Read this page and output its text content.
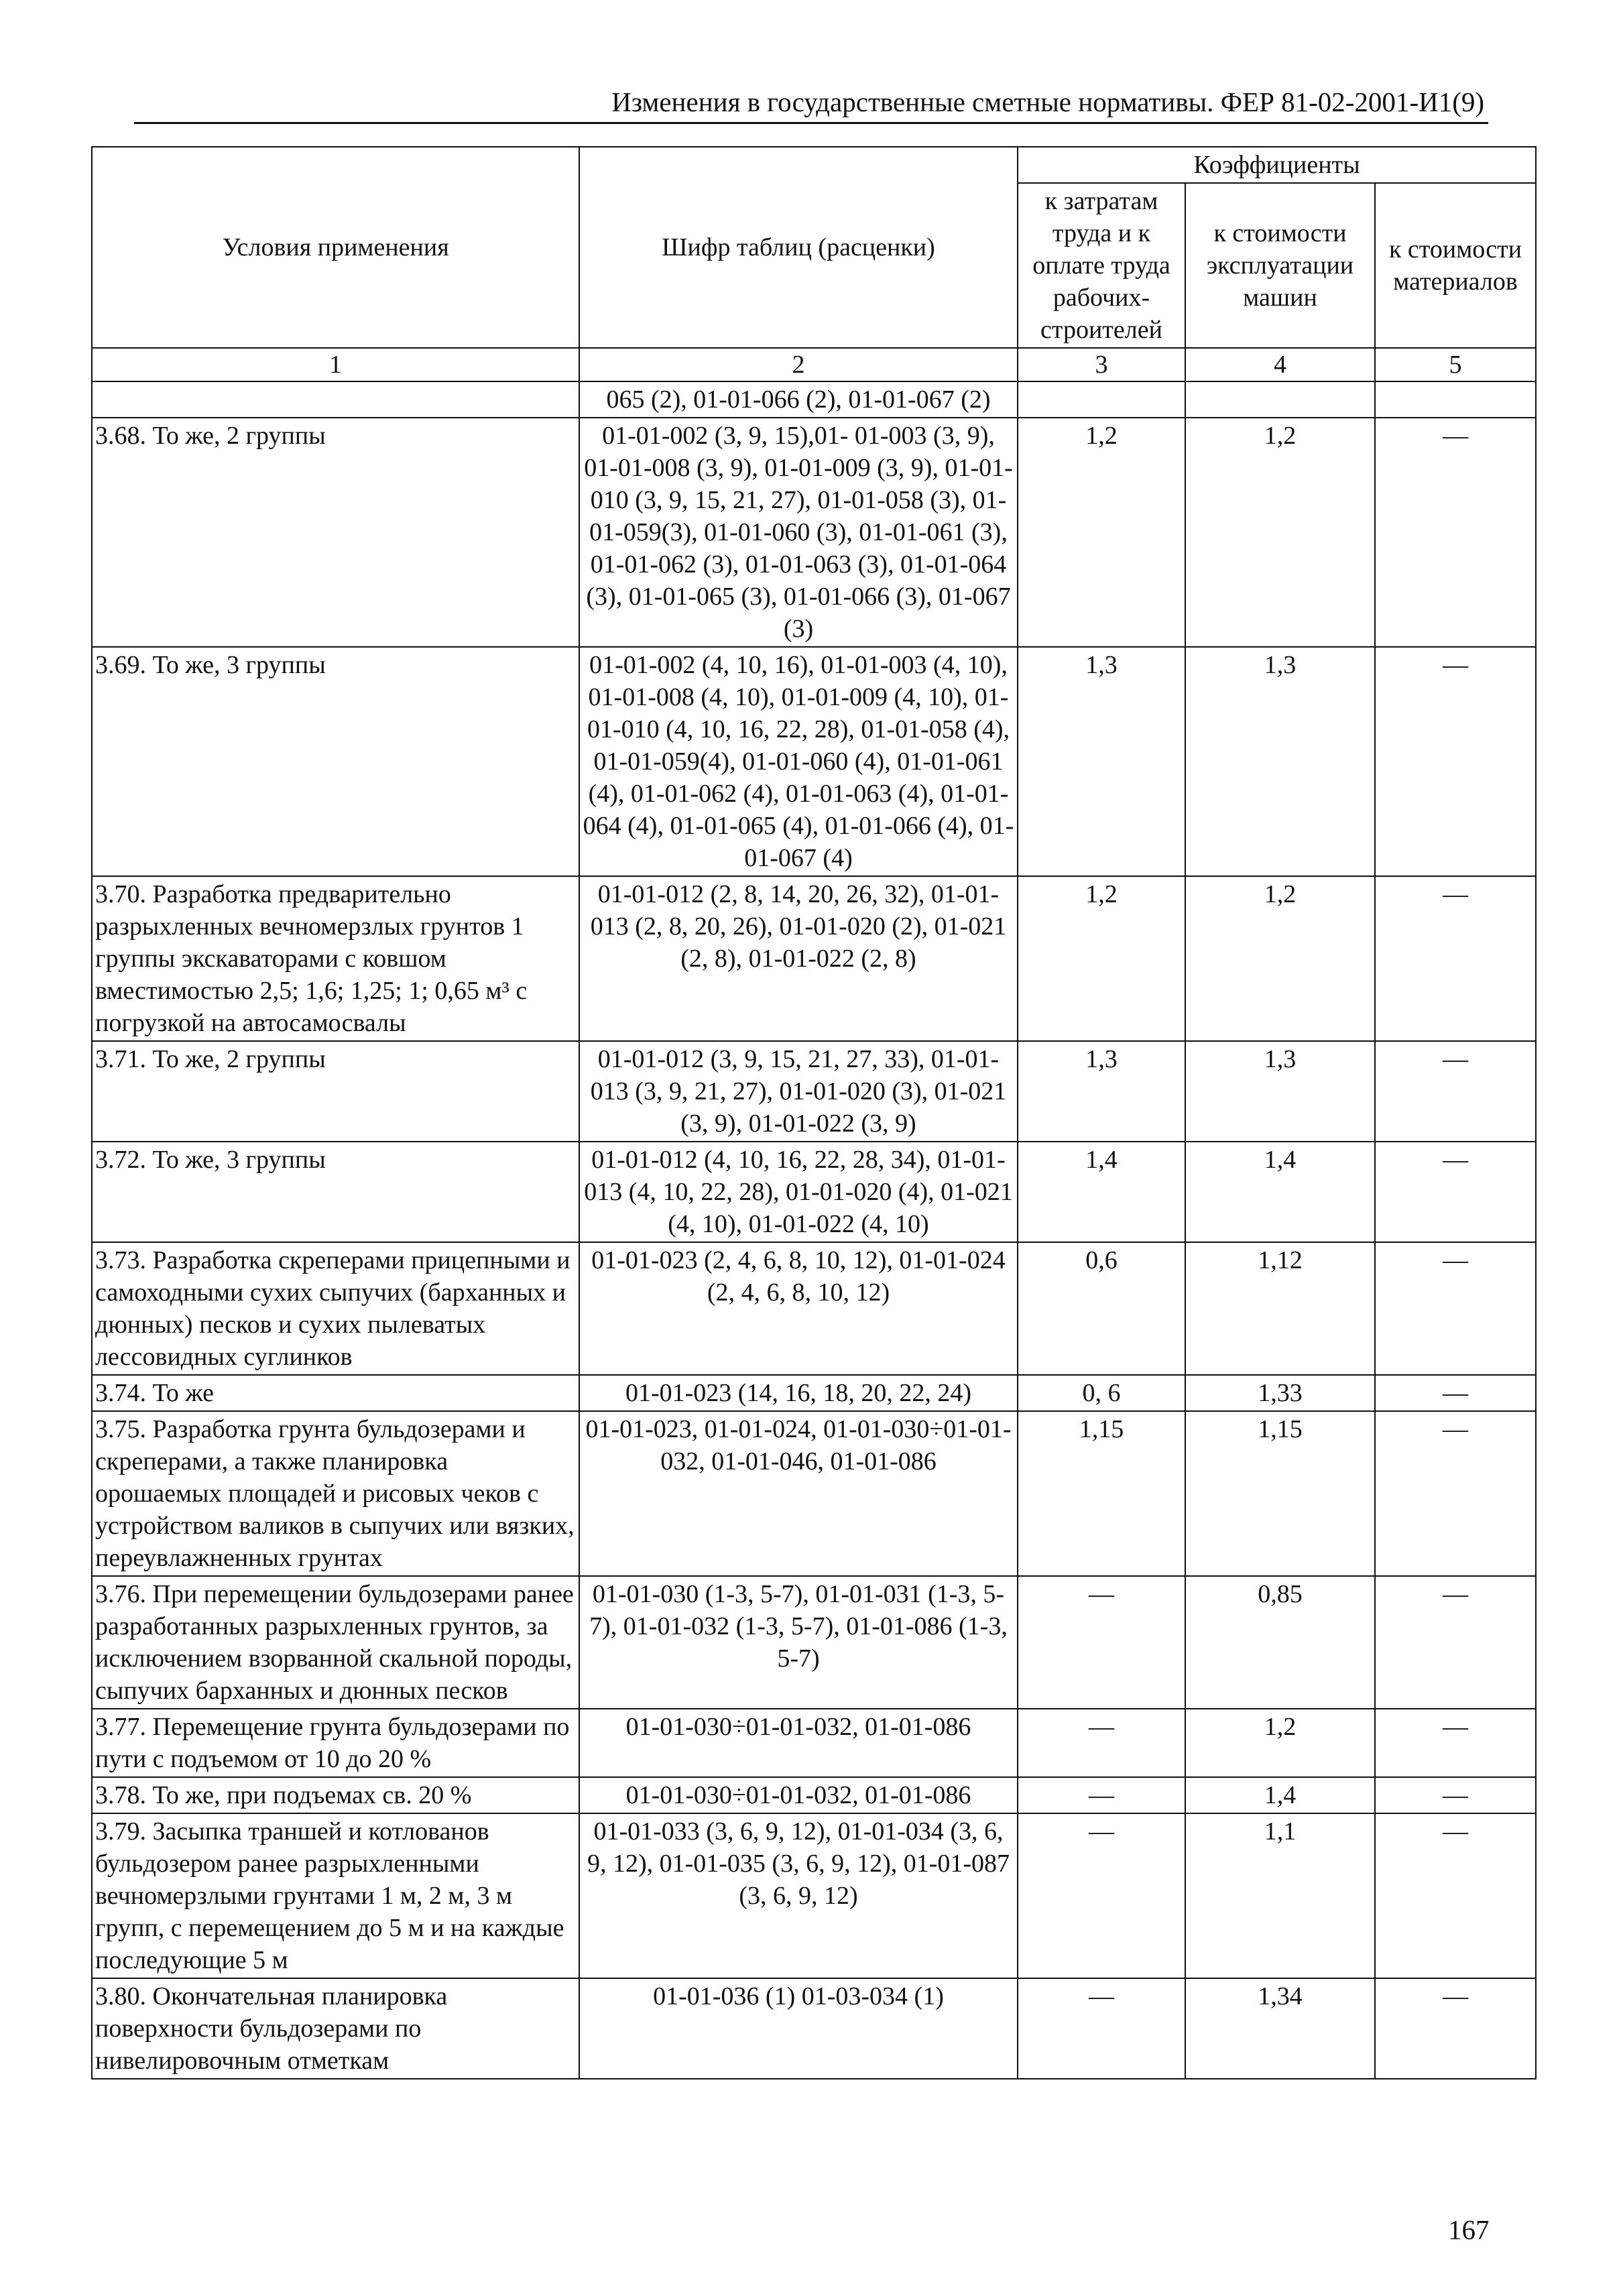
Изменения в государственные сметные нормативы. ФЕР 81-02-2001-И1(9)
Условия применения	Шифр таблиц (расценки)	Коэффициенты		
		к затратам труда и к оплате труда рабочих-строителей	к стоимости эксплуатации машин	к стоимости материалов
1	2	3	4	5
	065 (2), 01-01-066 (2), 01-01-067 (2)			
3.68. То же, 2 группы	01-01-002 (3, 9, 15),01- 01-003 (3, 9), 01-01-008 (3, 9), 01-01-009 (3, 9), 01-01-010 (3, 9, 15, 21, 27), 01-01-058 (3), 01-01-059(3), 01-01-060 (3), 01-01-061 (3), 01-01-062 (3), 01-01-063 (3), 01-01-064 (3), 01-01-065 (3), 01-01-066 (3), 01-067 (3)	1,2	1,2	—
3.69. То же, 3 группы	01-01-002 (4, 10, 16), 01-01-003 (4, 10), 01-01-008 (4, 10), 01-01-009 (4, 10), 01-01-010 (4, 10, 16, 22, 28), 01-01-058 (4), 01-01-059(4), 01-01-060 (4), 01-01-061 (4), 01-01-062 (4), 01-01-063 (4), 01-01-064 (4), 01-01-065 (4), 01-01-066 (4), 01-01-067 (4)	1,3	1,3	—
3.70. Разработка предварительно разрыхленных вечномерзлых грунтов 1 группы экскаваторами с ковшом вместимостью 2,5; 1,6; 1,25; 1; 0,65 м³ с погрузкой на автосамосвалы	01-01-012 (2, 8, 14, 20, 26, 32), 01-01-013 (2, 8, 20, 26), 01-01-020 (2), 01-021 (2, 8), 01-01-022 (2, 8)	1,2	1,2	—
3.71. То же, 2 группы	01-01-012 (3, 9, 15, 21, 27, 33), 01-01-013 (3, 9, 21, 27), 01-01-020 (3), 01-021 (3, 9), 01-01-022 (3, 9)	1,3	1,3	—
3.72. То же, 3 группы	01-01-012 (4, 10, 16, 22, 28, 34), 01-01-013 (4, 10, 22, 28), 01-01-020 (4), 01-021 (4, 10), 01-01-022 (4, 10)	1,4	1,4	—
3.73. Разработка скреперами прицепными и самоходными сухих сыпучих (барханных и дюнных) песков и сухих пылеватых лессовидных суглинков	01-01-023 (2, 4, 6, 8, 10, 12), 01-01-024 (2, 4, 6, 8, 10, 12)	0,6	1,12	—
3.74. То же	01-01-023 (14, 16, 18, 20, 22, 24)	0, 6	1,33	—
3.75. Разработка грунта бульдозерами и скреперами, а также планировка орошаемых площадей и рисовых чеков с устройством валиков в сыпучих или вязких, переувлажненных грунтах	01-01-023, 01-01-024, 01-01-030÷01-01-032, 01-01-046, 01-01-086	1,15	1,15	—
3.76. При перемещении бульдозерами ранее разработанных разрыхленных грунтов, за исключением взорванной скальной породы, сыпучих барханных и дюнных песков	01-01-030 (1-3, 5-7), 01-01-031 (1-3, 5-7), 01-01-032 (1-3, 5-7), 01-01-086 (1-3, 5-7)	—	0,85	—
3.77. Перемещение грунта бульдозерами по пути с подъемом от 10 до 20 %	01-01-030÷01-01-032, 01-01-086	—	1,2	—
3.78. То же, при подъемах св. 20 %	01-01-030÷01-01-032, 01-01-086	—	1,4	—
3.79. Засыпка траншей и котлованов бульдозером ранее разрыхленными вечномерзлыми грунтами 1 м, 2 м, 3 м групп, с перемещением до 5 м и на каждые последующие 5 м	01-01-033 (3, 6, 9, 12), 01-01-034 (3, 6, 9, 12), 01-01-035 (3, 6, 9, 12), 01-01-087 (3, 6, 9, 12)	—	1,1	—
3.80. Окончательная планировка поверхности бульдозерами по нивелировочным отметкам	01-01-036 (1) 01-03-034 (1)	—	1,34	—
167
